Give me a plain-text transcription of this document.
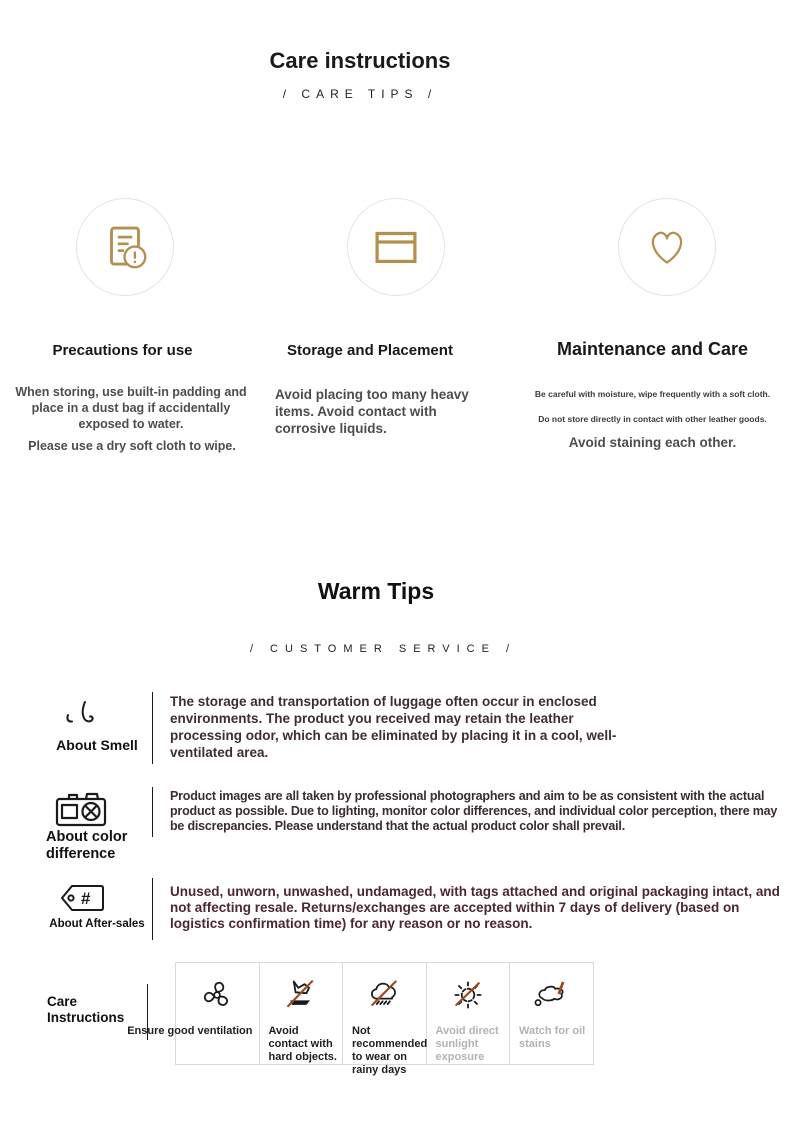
Care instructions
/ CARE TIPS /
Precautions for use	Storage and Placement	Maintenance and Care
When storing, use built-in padding and place in a dust bag if accidentally exposed to water.
Please use a dry soft cloth to wipe.
Avoid placing too many heavy items. Avoid contact with corrosive liquids.
Be careful with moisture, wipe frequently with a soft cloth.
Do not store directly in contact with other leather goods.
Avoid staining each other.
Warm Tips
/ CUSTOMER SERVICE /
About Smell
The storage and transportation of luggage often occur in enclosed environments. The product you received may retain the leather processing odor, which can be eliminated by placing it in a cool, well-ventilated area.
About color difference
Product images are all taken by professional photographers and aim to be as consistent with the actual product as possible. Due to lighting, monitor color differences, and individual color perception, there may be discrepancies. Please understand that the actual product color shall prevail.
#
About After-sales
Unused, unworn, unwashed, undamaged, with tags attached and original packaging intact, and not affecting resale. Returns/exchanges are accepted within 7 days of delivery (based on logistics confirmation time) for any reason or no reason.
Care Instructions
Ensure good ventilation Avoid contact with hard objects.
Not recommended to wear on rainy days
Avoid direct sunlight exposure
Watch for oil stains
